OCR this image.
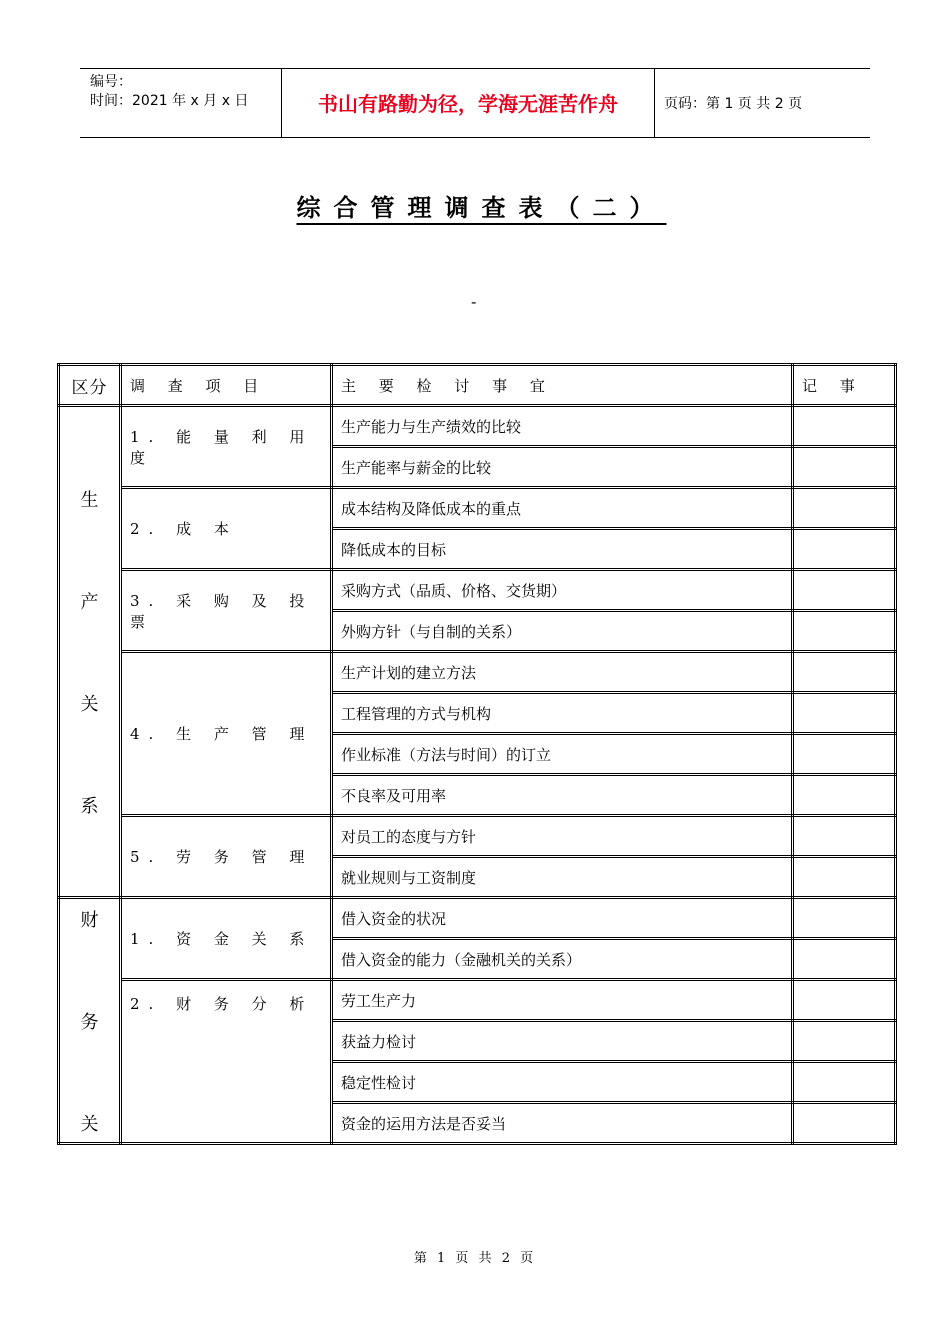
编号：
时间：2021 年 x 月 x 日	书山有路勤为径，学海无涯苦作舟	页码：第 1 页 共 2 页
综合管理调查表（二）
-
区分	调 查 项 目	主 要 检 讨 事 宜	记 事

生
产
关
系	1. 能 量 利 用 度	生产能力与生产绩效的比较	
		生产能率与薪金的比较	
	2. 成 本	成本结构及降低成本的重点	
		降低成本的目标	
	3. 采 购 及 投 票	采购方式（品质、价格、交货期）	
		外购方针（与自制的关系）	
	4. 生 产 管 理	生产计划的建立方法	
		工程管理的方式与机构	
		作业标准（方法与时间）的订立	
		不良率及可用率	
	5. 劳 务 管 理	对员工的态度与方针	
		就业规则与工资制度	

财
务
关	1. 资 金 关 系	借入资金的状况	
		借入资金的能力（金融机关的关系）	
	2. 财 务 分 析	劳工生产力	
		获益力检讨	
		稳定性检讨	
		资金的运用方法是否妥当	
第 1 页 共 2 页
